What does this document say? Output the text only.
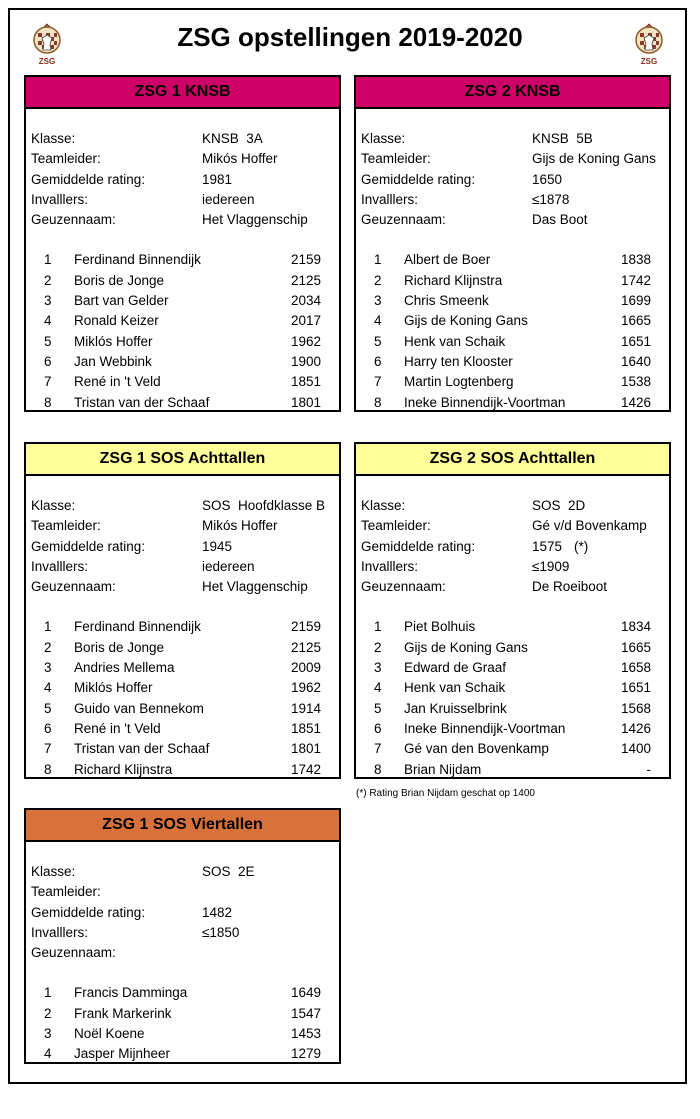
ZSG opstellingen 2019-2020
ZSG	ZSG
ZSG 1 KNSB
Klasse:	KNSB  3A
Teamleider:	Mikós Hoffer
Gemiddelde rating:	1981
Invalllers:	iedereen
Geuzennaam:	Het Vlaggenschip
1 Ferdinand Binnendijk	2159
2 Boris de Jonge	2125
3 Bart van Gelder	2034
4 Ronald Keizer	2017
5 Miklós Hoffer	1962
6 Jan Webbink	1900
7 René in 't Veld	1851
8 Tristan van der Schaaf	1801
ZSG 2 KNSB
Klasse:	KNSB  5B
Teamleider:	Gijs de Koning Gans
Gemiddelde rating:	1650
Invalllers:	≤1878
Geuzennaam:	Das Boot
1 Albert de Boer	1838
2 Richard Klijnstra	1742
3 Chris Smeenk	1699
4 Gijs de Koning Gans	1665
5 Henk van Schaik	1651
6 Harry ten Klooster	1640
7 Martin Logtenberg	1538
8 Ineke Binnendijk-Voortman	1426
ZSG 1 SOS Achttallen
Klasse:	SOS  Hoofdklasse B
Teamleider:	Mikós Hoffer
Gemiddelde rating:	1945
Invalllers:	iedereen
Geuzennaam:	Het Vlaggenschip
1 Ferdinand Binnendijk	2159
2 Boris de Jonge	2125
3 Andries Mellema	2009
4 Miklós Hoffer	1962
5 Guido van Bennekom	1914
6 René in 't Veld	1851
7 Tristan van der Schaaf	1801
8 Richard Klijnstra	1742
ZSG 2 SOS Achttallen
Klasse:	SOS  2D
Teamleider:	Gé v/d Bovenkamp
Gemiddelde rating:	1575 (*)
Invalllers:	≤1909
Geuzennaam:	De Roeiboot
1 Piet Bolhuis	1834
2 Gijs de Koning Gans	1665
3 Edward de Graaf	1658
4 Henk van Schaik	1651
5 Jan Kruisselbrink	1568
6 Ineke Binnendijk-Voortman	1426
7 Gé van den Bovenkamp	1400
8 Brian Nijdam	-
(*) Rating Brian Nijdam geschat op 1400
ZSG 1 SOS Viertallen
Klasse:	SOS  2E
Teamleider:
Gemiddelde rating:	1482
Invalllers:	≤1850
Geuzennaam:
1 Francis Damminga	1649
2 Frank Markerink	1547
3 Noël Koene	1453
4 Jasper Mijnheer	1279
